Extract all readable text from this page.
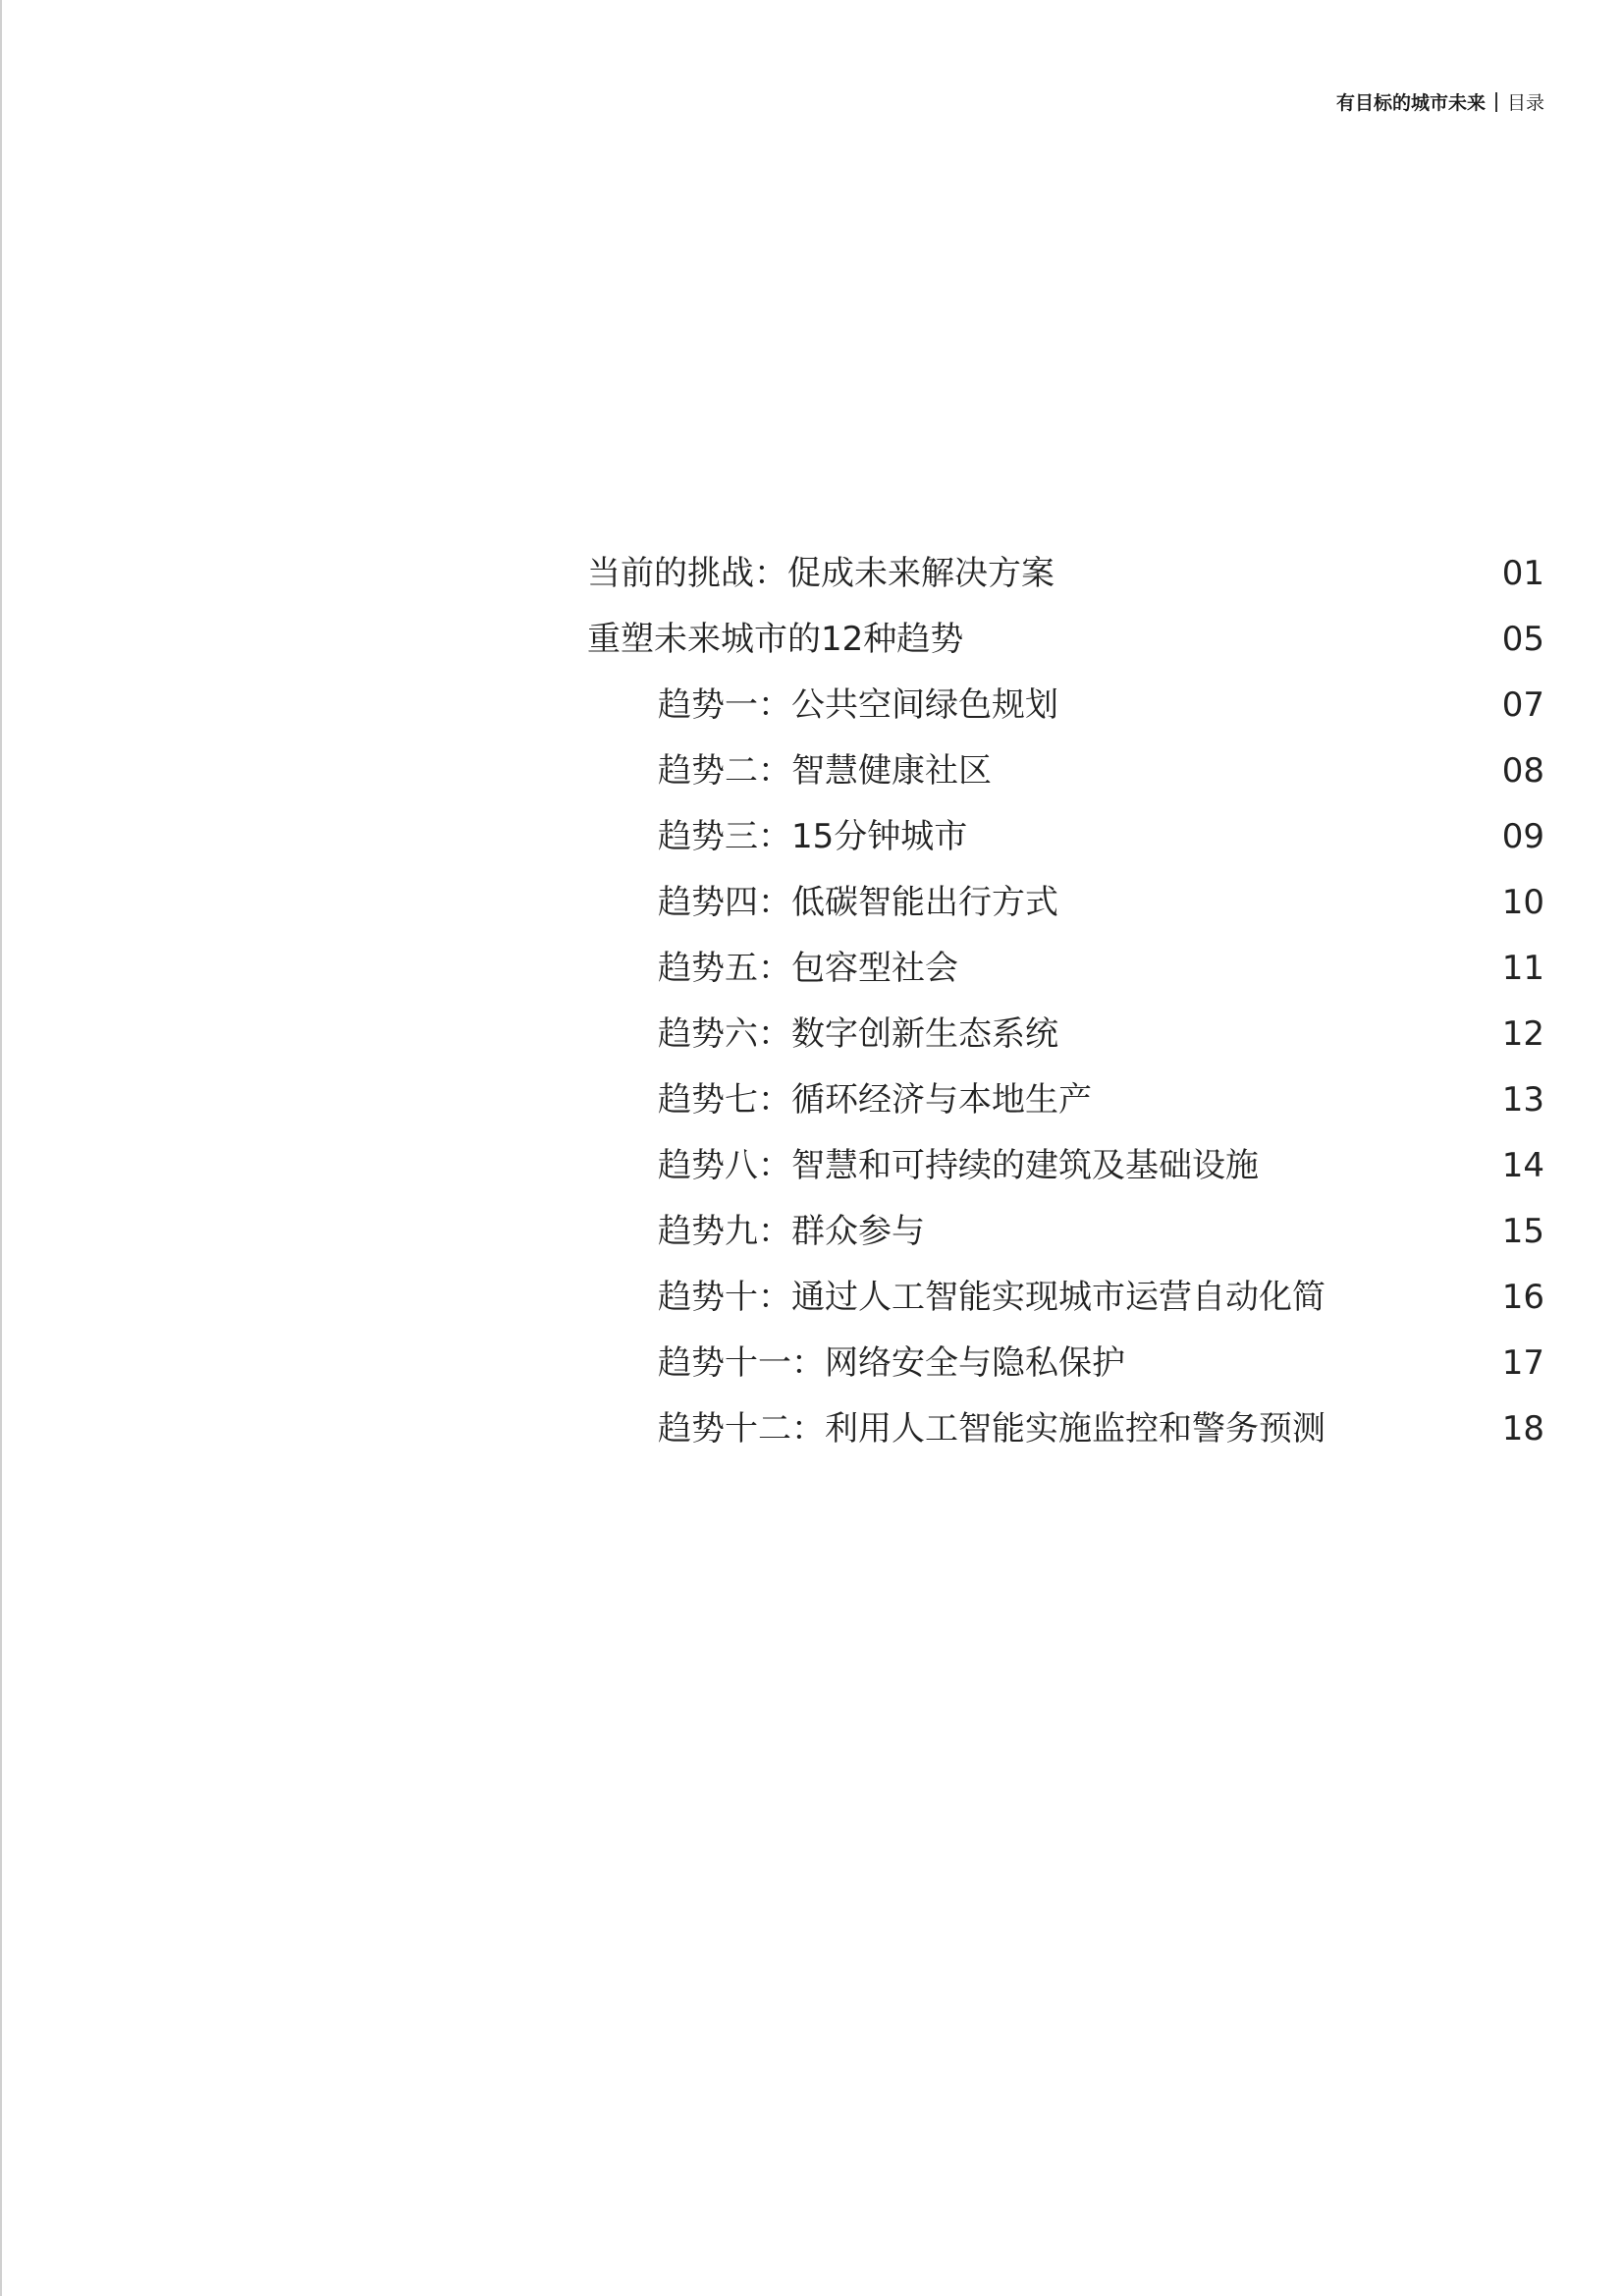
有目标的城市未来 目录
当前的挑战：促成未来解决方案	01
重塑未来城市的12种趋势	05
趋势一：公共空间绿色规划	07
趋势二：智慧健康社区	08
趋势三：15分钟城市	09
趋势四：低碳智能出行方式	10
趋势五：包容型社会	11
趋势六：数字创新生态系统	12
趋势七：循环经济与本地生产	13
趋势八：智慧和可持续的建筑及基础设施	14
趋势九：群众参与	15
趋势十：通过人工智能实现城市运营自动化简	16
趋势十一：网络安全与隐私保护	17
趋势十二：利用人工智能实施监控和警务预测	18
